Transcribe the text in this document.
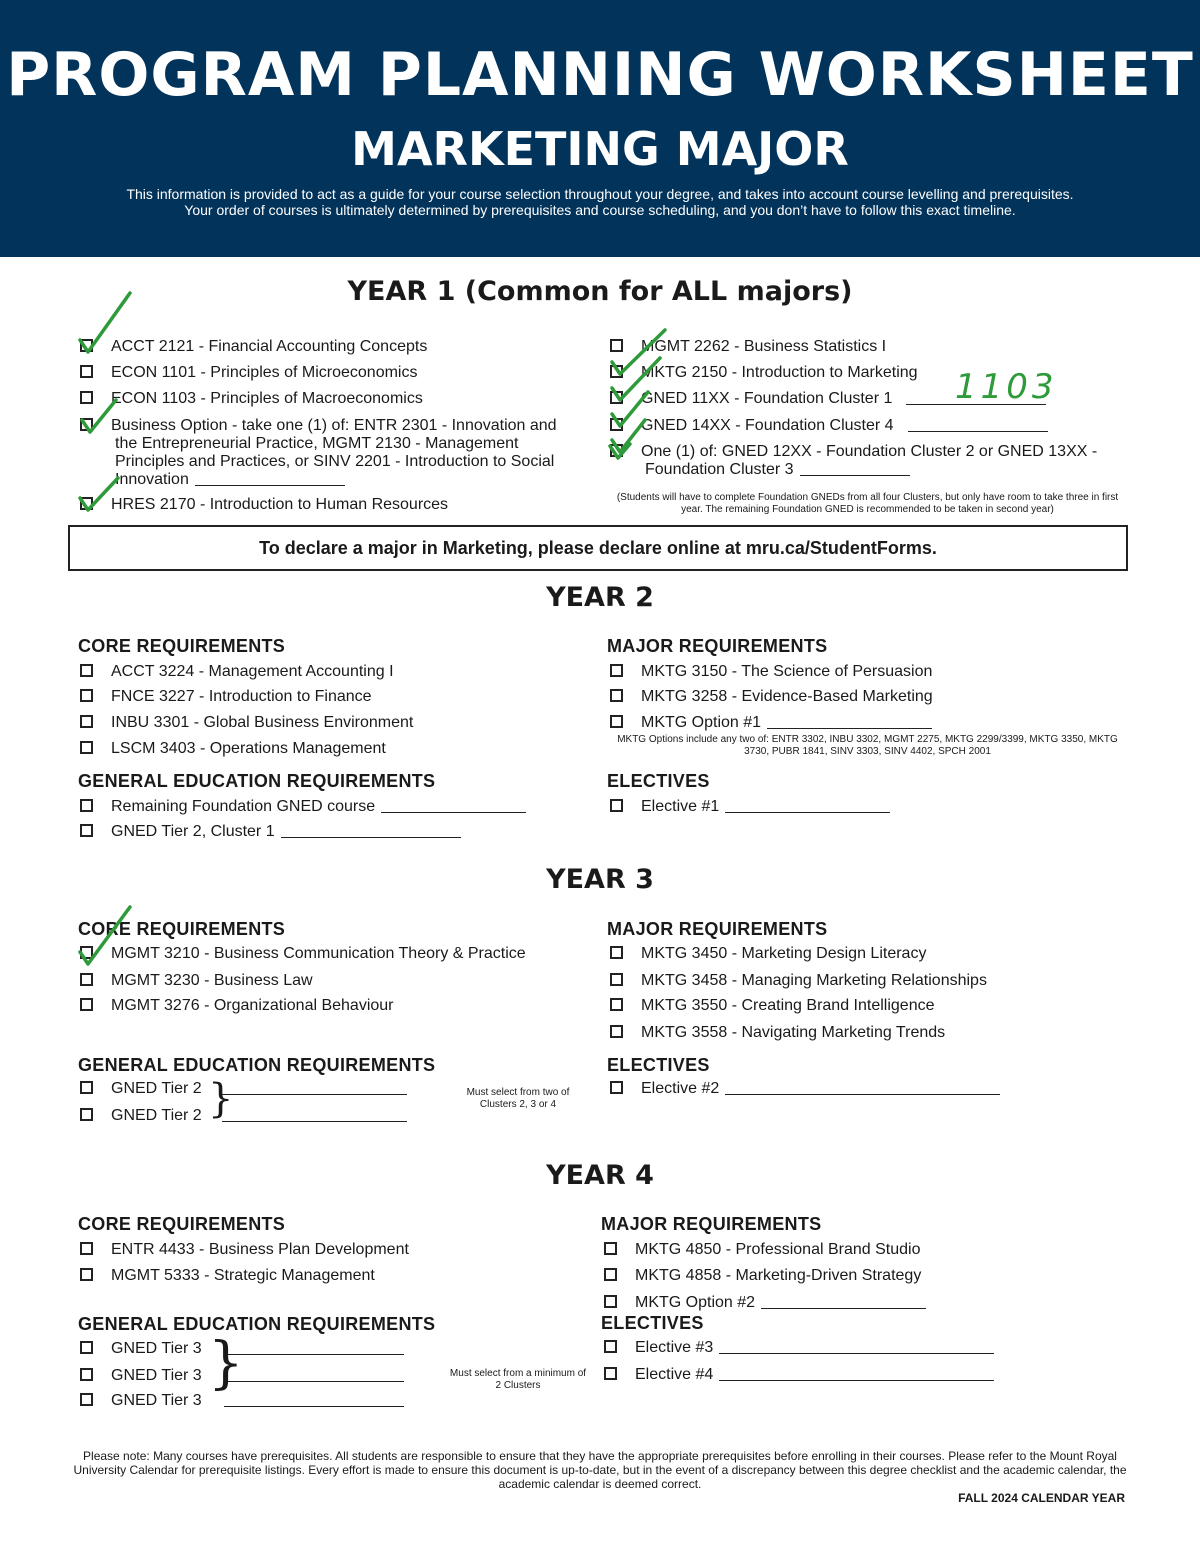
PROGRAM PLANNING WORKSHEET
MARKETING MAJOR
This information is provided to act as a guide for your course selection throughout your degree, and takes into account course levelling and prerequisites.
Your order of courses is ultimately determined by prerequisites and course scheduling, and you don’t have to follow this exact timeline.
YEAR 1 (Common for ALL majors)
ACCT 2121 - Financial Accounting Concepts
ECON 1101 - Principles of Microeconomics
ECON 1103 - Principles of Macroeconomics
Business Option - take one (1) of: ENTR 2301 - Innovation and the Entrepreneurial Practice, MGMT 2130 - Management Principles and Practices, or SINV 2201 - Introduction to Social Innovation
HRES 2170 - Introduction to Human Resources
MGMT 2262 - Business Statistics I
MKTG 2150 - Introduction to Marketing
GNED 11XX - Foundation Cluster 1
GNED 14XX - Foundation Cluster 4
One (1) of: GNED 12XX - Foundation Cluster 2 or GNED 13XX - Foundation Cluster 3
(Students will have to complete Foundation GNEDs from all four Clusters, but only have room to take three in first year. The remaining Foundation GNED is recommended to be taken in second year)
To declare a major in Marketing, please declare online at mru.ca/StudentForms.
YEAR 2
CORE REQUIREMENTS
ACCT 3224 - Management Accounting I
FNCE 3227 - Introduction to Finance
INBU 3301 - Global Business Environment
LSCM 3403 - Operations Management
GENERAL EDUCATION REQUIREMENTS
Remaining Foundation GNED course
GNED Tier 2, Cluster 1
MAJOR REQUIREMENTS
MKTG 3150 - The Science of Persuasion
MKTG 3258 - Evidence-Based Marketing
MKTG Option #1
MKTG Options include any two of: ENTR 3302, INBU 3302, MGMT 2275, MKTG 2299/3399, MKTG 3350, MKTG 3730, PUBR 1841, SINV 3303, SINV 4402, SPCH 2001
ELECTIVES
Elective #1
YEAR 3
CORE REQUIREMENTS
MGMT 3210 - Business Communication Theory & Practice
MGMT 3230 - Business Law
MGMT 3276 - Organizational Behaviour
GENERAL EDUCATION REQUIREMENTS
GNED Tier 2
GNED Tier 2 }	Must select from two of Clusters 2, 3 or 4
MAJOR REQUIREMENTS
MKTG 3450 - Marketing Design Literacy
MKTG 3458 - Managing Marketing Relationships
MKTG 3550 - Creating Brand Intelligence
MKTG 3558 - Navigating Marketing Trends
ELECTIVES
Elective #2
YEAR 4
CORE REQUIREMENTS
ENTR 4433 - Business Plan Development
MGMT 5333 - Strategic Management
GENERAL EDUCATION REQUIREMENTS
GNED Tier 3
GNED Tier 3
GNED Tier 3
}	Must select from a minimum of 2 Clusters
MAJOR REQUIREMENTS
MKTG 4850 - Professional Brand Studio
MKTG 4858 - Marketing-Driven Strategy
MKTG Option #2
ELECTIVES
Elective #3
Elective #4
Please note: Many courses have prerequisites. All students are responsible to ensure that they have the appropriate prerequisites before enrolling in their courses. Please refer to the Mount Royal University Calendar for prerequisite listings. Every effort is made to ensure this document is up-to-date, but in the event of a discrepancy between this degree checklist and the academic calendar, the academic calendar is deemed correct.
FALL 2024 CALENDAR YEAR
1103
